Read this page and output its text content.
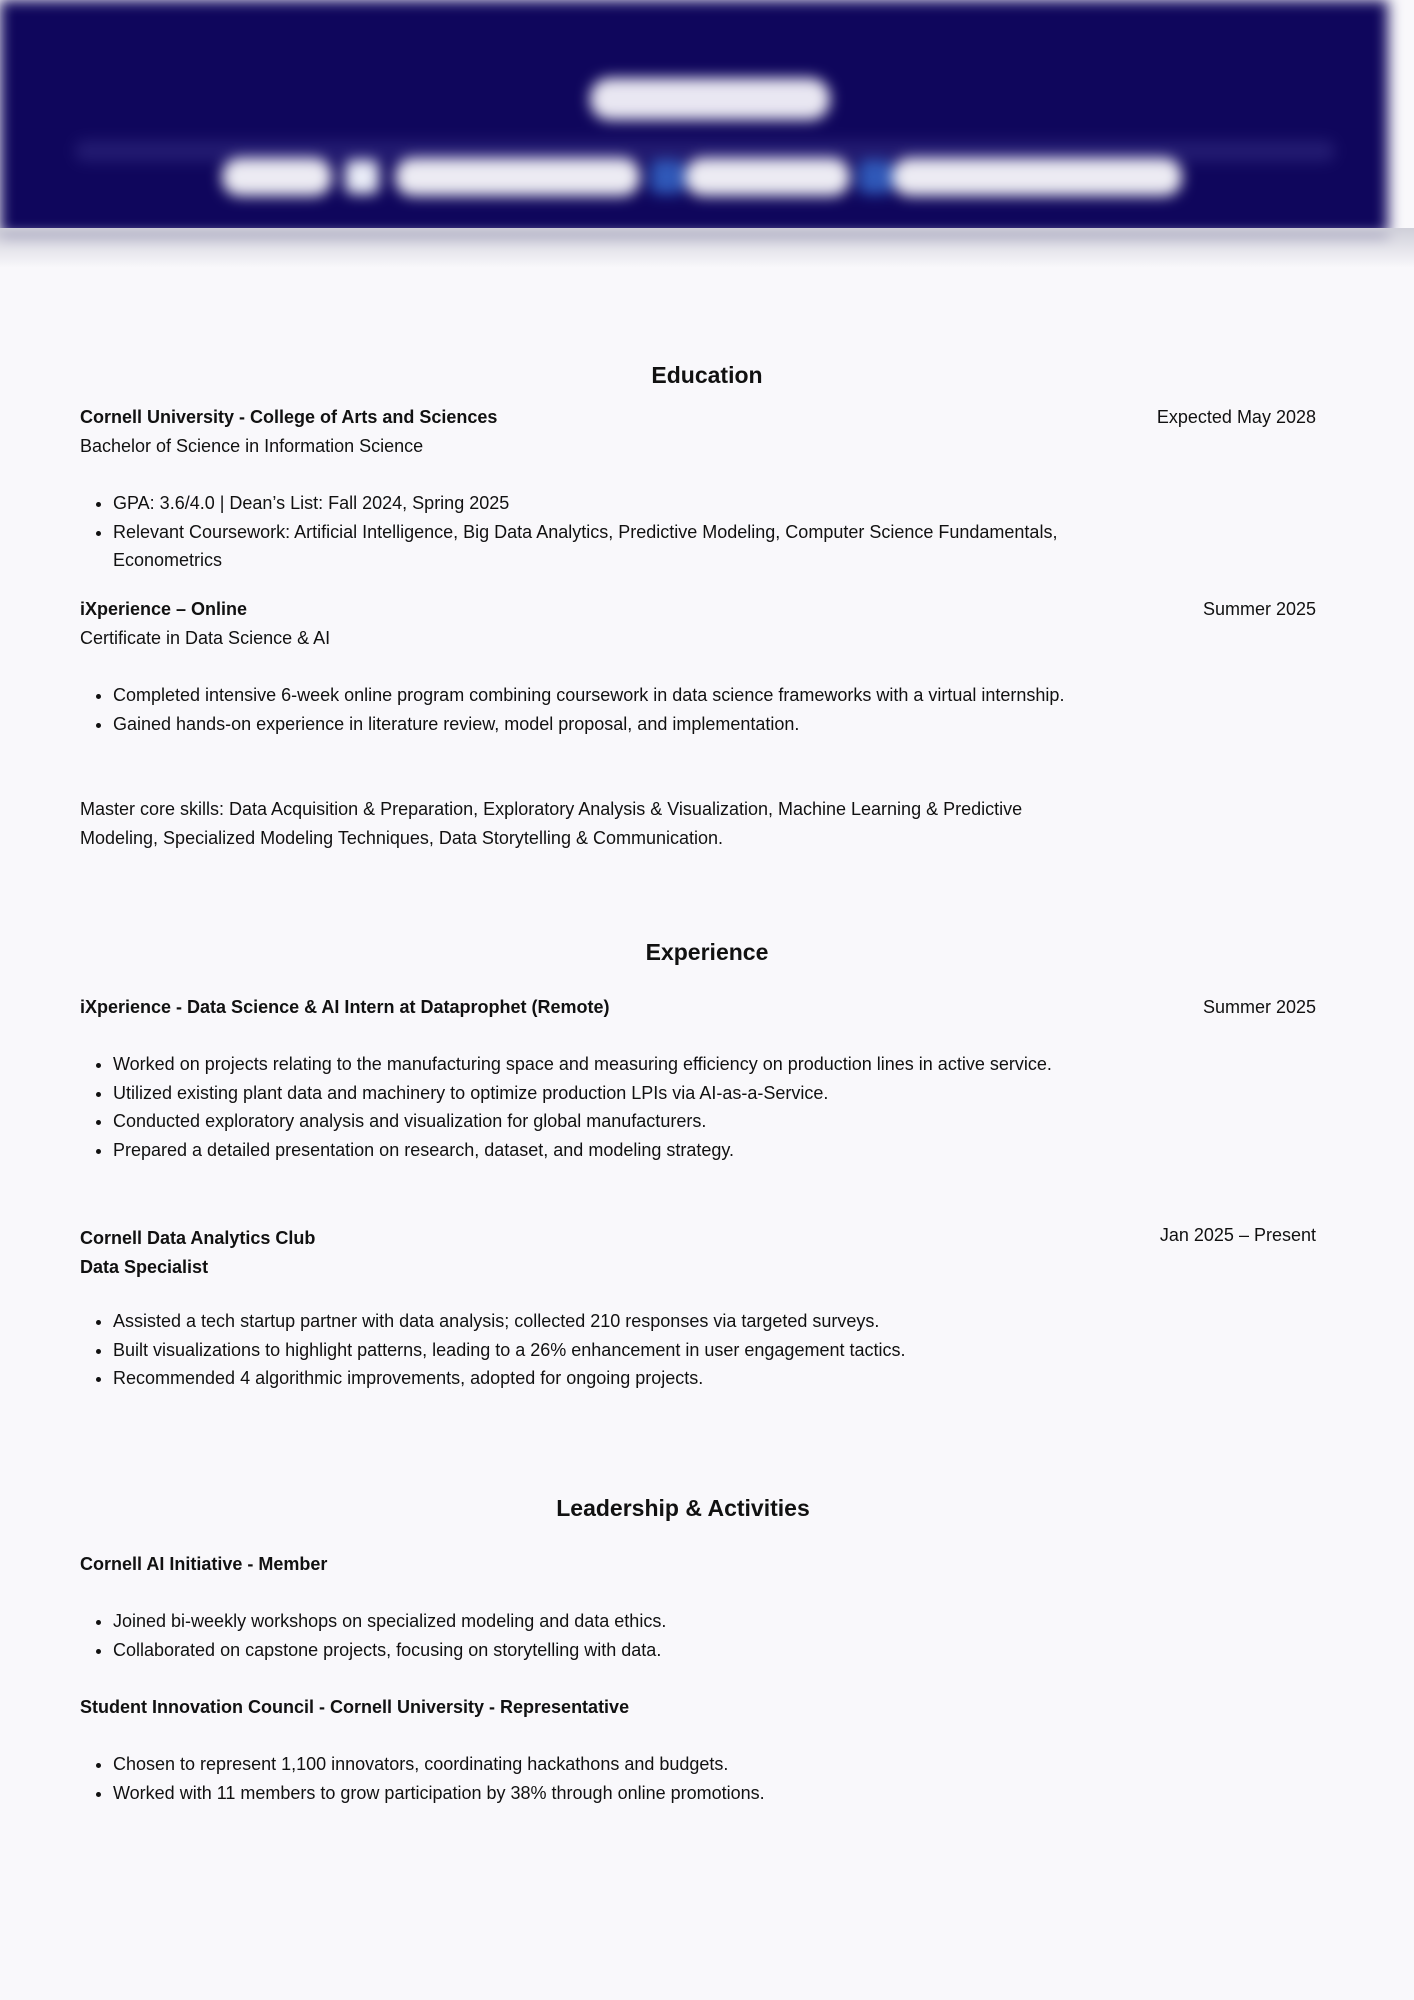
Education
Cornell University - College of Arts and Sciences
Bachelor of Science in Information Science
Expected May 2028
• GPA: 3.6/4.0 | Dean’s List: Fall 2024, Spring 2025
• Relevant Coursework: Artificial Intelligence, Big Data Analytics, Predictive Modeling, Computer Science Fundamentals, Econometrics
iXperience – Online
Certificate in Data Science & AI
Summer 2025
• Completed intensive 6-week online program combining coursework in data science frameworks with a virtual internship.
• Gained hands-on experience in literature review, model proposal, and implementation.

Master core skills: Data Acquisition & Preparation, Exploratory Analysis & Visualization, Machine Learning & Predictive Modeling, Specialized Modeling Techniques, Data Storytelling & Communication.

Experience
iXperience - Data Science & AI Intern at Dataprophet (Remote)	Summer 2025
• Worked on projects relating to the manufacturing space and measuring efficiency on production lines in active service.
• Utilized existing plant data and machinery to optimize production LPIs via AI-as-a-Service.
• Conducted exploratory analysis and visualization for global manufacturers.
• Prepared a detailed presentation on research, dataset, and modeling strategy.
Cornell Data Analytics Club
Data Specialist
Jan 2025 – Present
• Assisted a tech startup partner with data analysis; collected 210 responses via targeted surveys.
• Built visualizations to highlight patterns, leading to a 26% enhancement in user engagement tactics.
• Recommended 4 algorithmic improvements, adopted for ongoing projects.
Leadership & Activities
Cornell AI Initiative - Member
• Joined bi-weekly workshops on specialized modeling and data ethics.
• Collaborated on capstone projects, focusing on storytelling with data.
Student Innovation Council - Cornell University - Representative
• Chosen to represent 1,100 innovators, coordinating hackathons and budgets.
• Worked with 11 members to grow participation by 38% through online promotions.
